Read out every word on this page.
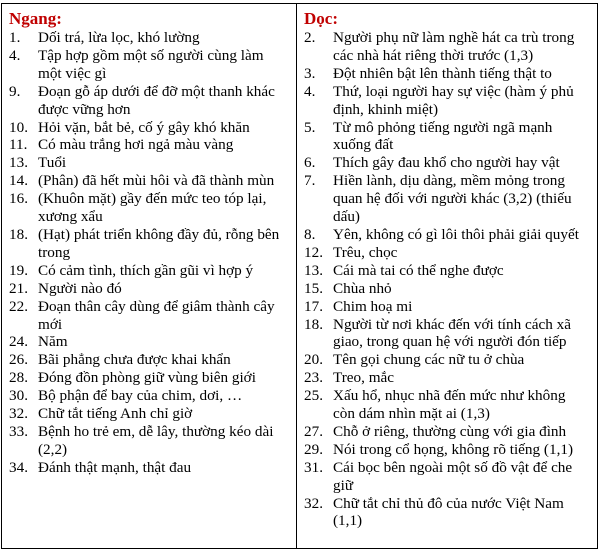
Ngang:
1.	Dối trá, lừa lọc, khó lường
4.	Tập hợp gồm một số người cùng làm một việc gì
9.	Đoạn gỗ áp dưới để đỡ một thanh khác được vững hơn
10. Hỏi vặn, bắt bẻ, cố ý gây khó khăn
11. Có màu trắng hơi ngả màu vàng
13. Tuổi
14. (Phân) đã hết mùi hôi và đã thành mùn
16. (Khuôn mặt) gầy đến mức teo tóp lại, xương xẩu
18. (Hạt) phát triển không đầy đủ, rỗng bên trong
19. Có cảm tình, thích gần gũi vì hợp ý
21. Người nào đó
22. Đoạn thân cây dùng để giâm thành cây mới
24. Năm
26. Bãi phẳng chưa được khai khẩn
28. Đóng đồn phòng giữ vùng biên giới
30. Bộ phận để bay của chim, dơi, …
32. Chữ tắt tiếng Anh chỉ giờ
33. Bệnh ho trẻ em, dễ lây, thường kéo dài (2,2)
34. Đánh thật mạnh, thật đau
Dọc:
2.	Người phụ nữ làm nghề hát ca trù trong các nhà hát riêng thời trước (1,3)
3.	Đột nhiên bật lên thành tiếng thật to
4.	Thứ, loại người hay sự việc (hàm ý phủ định, khinh miệt)
5.	Từ mô phỏng tiếng người ngã mạnh xuống đất
6.	Thích gây đau khổ cho người hay vật
7.	Hiền lành, dịu dàng, mềm mỏng trong quan hệ đối với người khác (3,2) (thiếu dấu)
8.	Yên, không có gì lôi thôi phải giải quyết
12. Trêu, chọc
13. Cái mà tai có thể nghe được
15. Chùa nhỏ
17. Chim hoạ mi
18. Người từ nơi khác đến với tính cách xã giao, trong quan hệ với người đón tiếp
20. Tên gọi chung các nữ tu ở chùa
23. Treo, mắc
25. Xấu hổ, nhục nhã đến mức như không còn dám nhìn mặt ai (1,3)
27. Chỗ ở riêng, thường cùng với gia đình
29. Nói trong cổ họng, không rõ tiếng (1,1)
31. Cái bọc bên ngoài một số đồ vật để che giữ
32. Chữ tắt chỉ thủ đô của nước Việt Nam (1,1)
